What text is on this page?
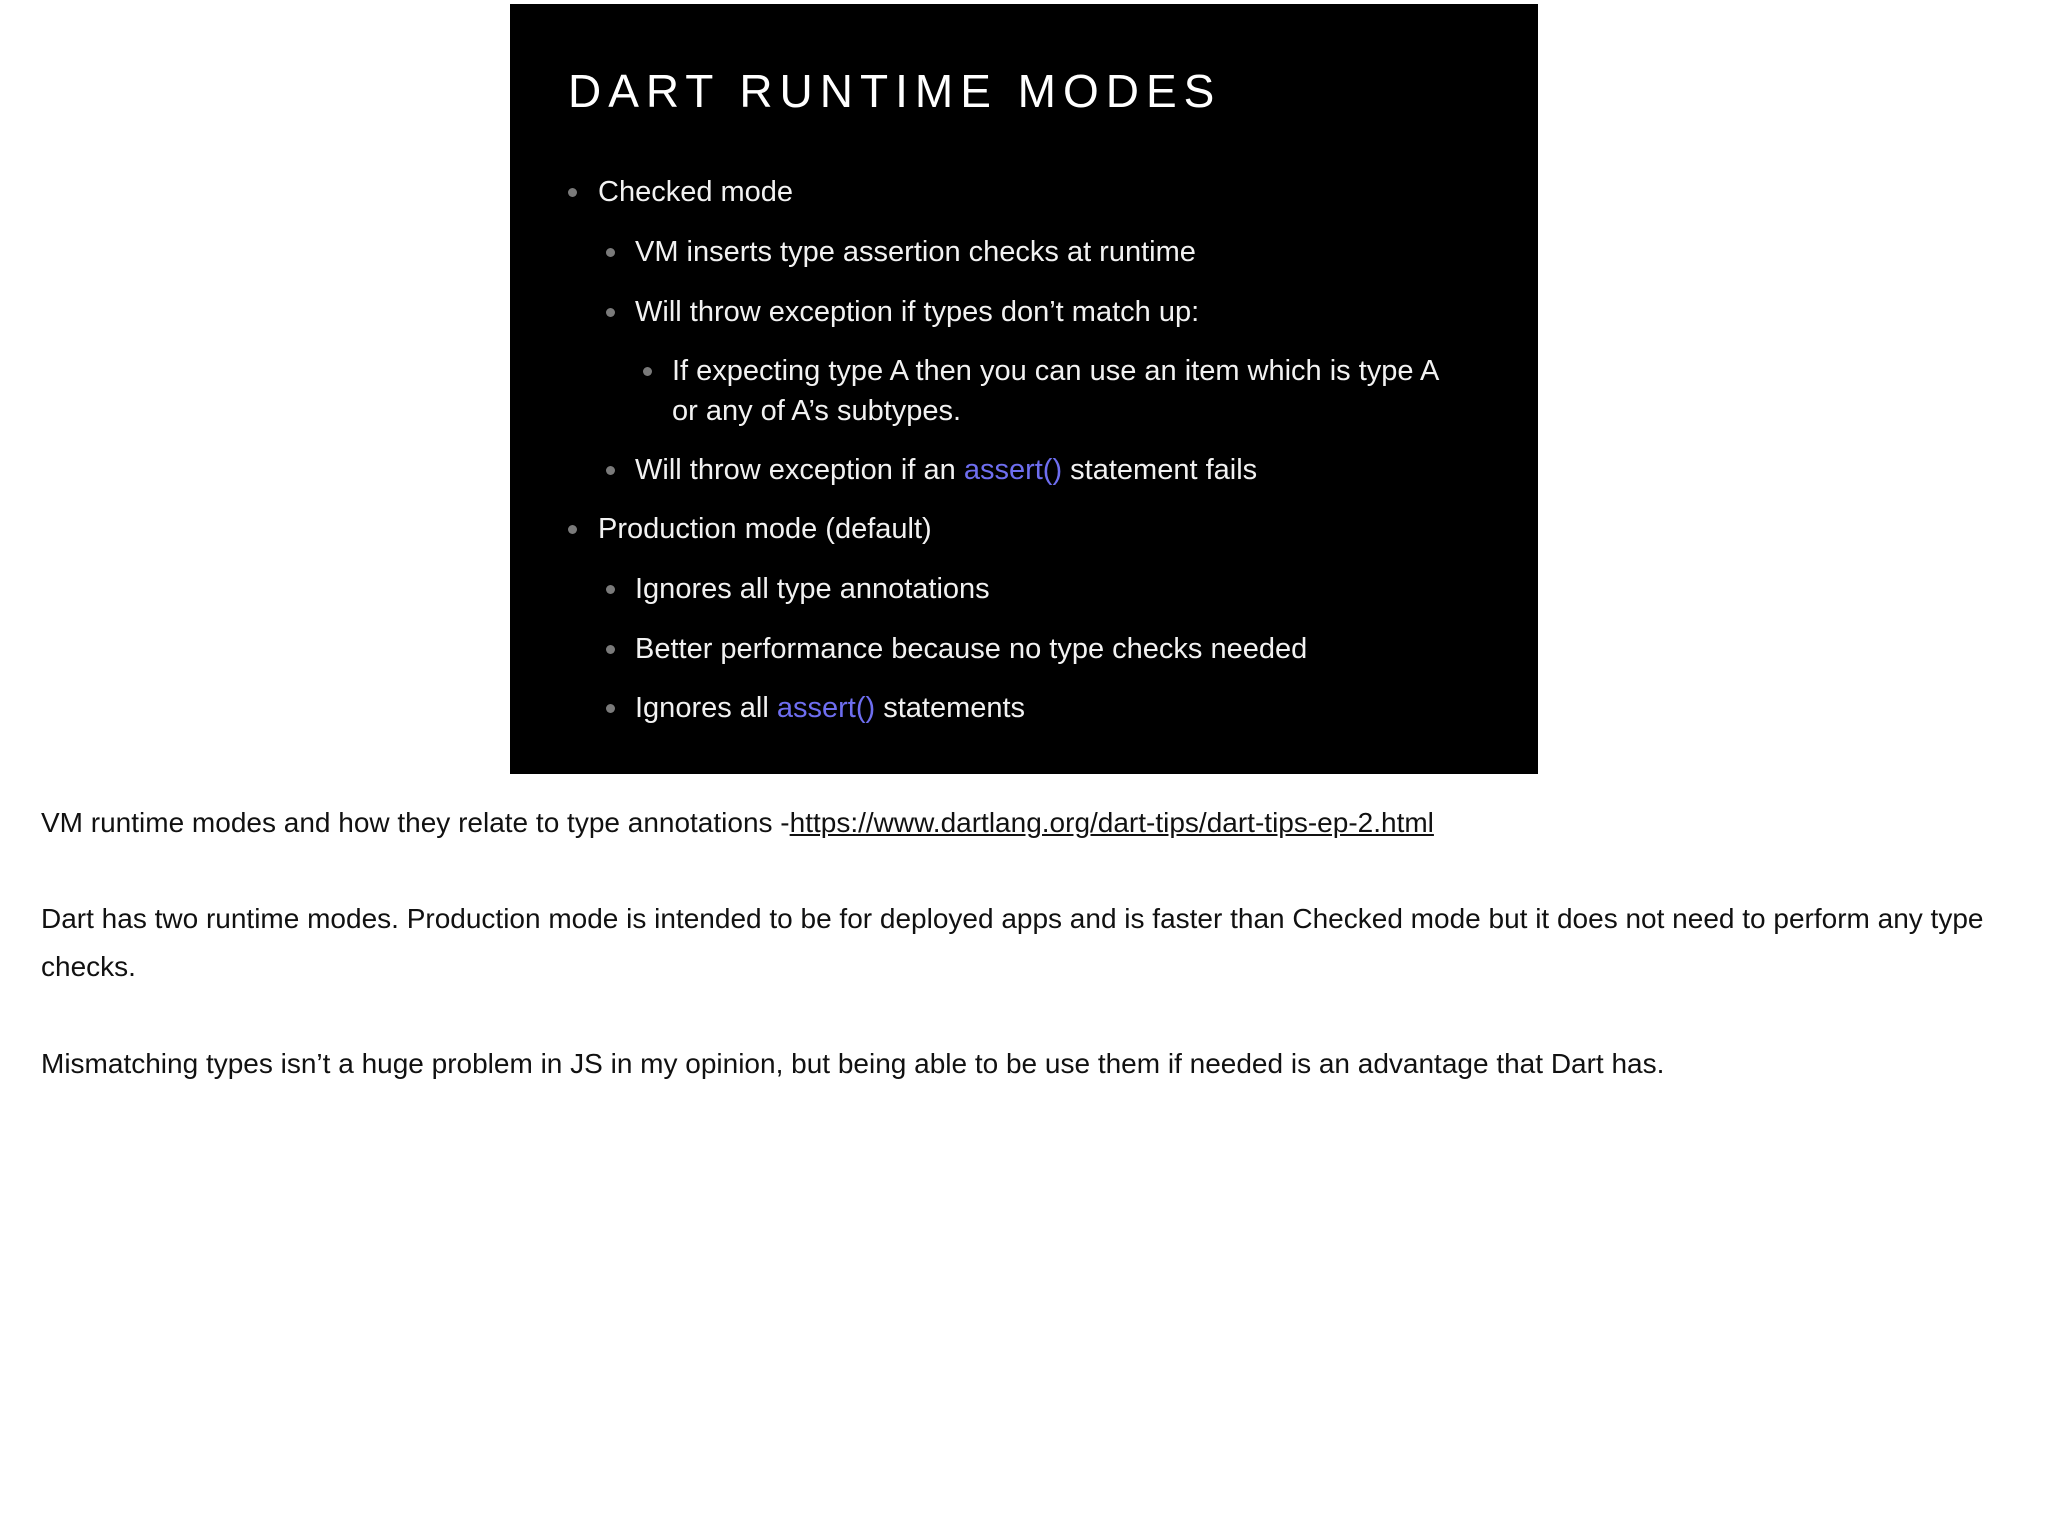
DART RUNTIME MODES
Checked mode
VM inserts type assertion checks at runtime
Will throw exception if types don’t match up:
If expecting type A then you can use an item which is type A or any of A’s subtypes.
Will throw exception if an assert() statement fails
Production mode (default)
Ignores all type annotations
Better performance because no type checks needed
Ignores all assert() statements

VM runtime modes and how they relate to type annotations -https://www.dartlang.org/dart-tips/dart-tips-ep-2.html

Dart has two runtime modes. Production mode is intended to be for deployed apps and is faster than Checked mode but it does not need to perform any type checks.

Mismatching types isn’t a huge problem in JS in my opinion, but being able to be use them if needed is an advantage that Dart has.
